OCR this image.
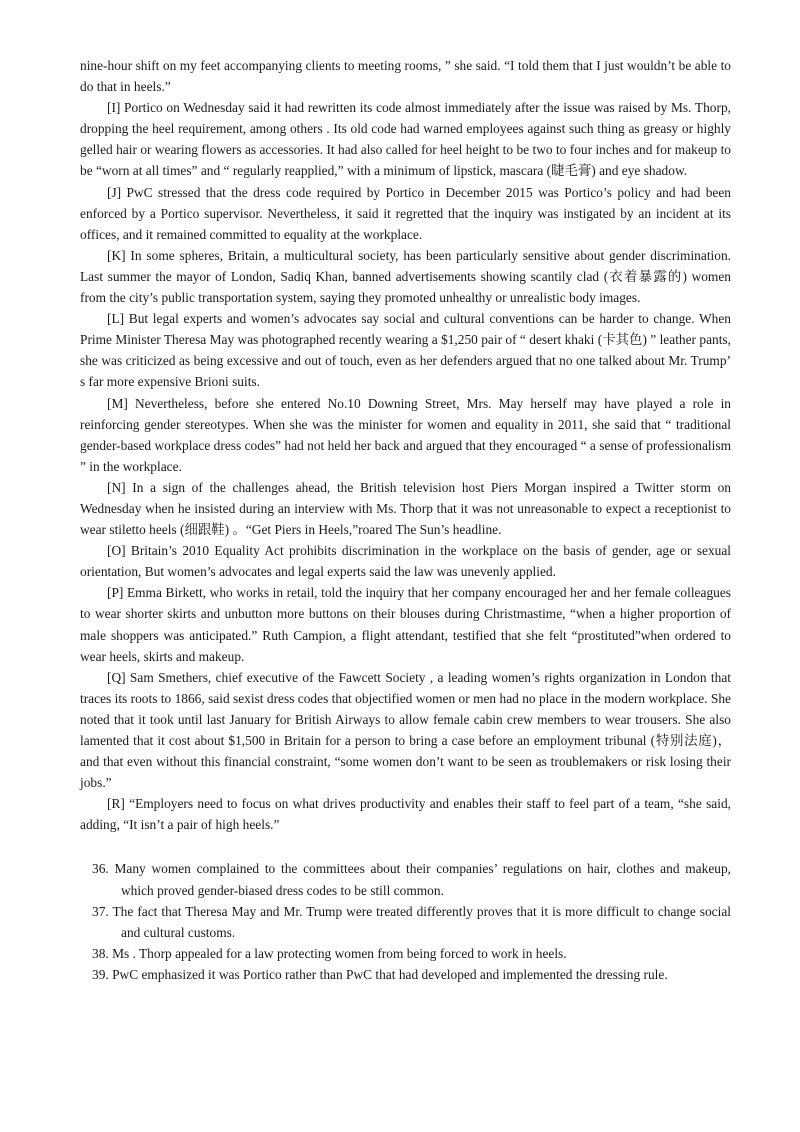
nine-hour shift on my feet accompanying clients to meeting rooms, ” she said. “I told them that I just wouldn’t be able to do that in heels.”

[I] Portico on Wednesday said it had rewritten its code almost immediately after the issue was raised by Ms. Thorp, dropping the heel requirement, among others . Its old code had warned employees against such thing as greasy or highly gelled hair or wearing flowers as accessories. It had also called for heel height to be two to four inches and for makeup to be “worn at all times” and “ regularly reapplied,” with a minimum of lipstick, mascara (睫毛膏) and eye shadow.

[J] PwC stressed that the dress code required by Portico in December 2015 was Portico’s policy and had been enforced by a Portico supervisor. Nevertheless, it said it regretted that the inquiry was instigated by an incident at its offices, and it remained committed to equality at the workplace.

[K] In some spheres, Britain, a multicultural society, has been particularly sensitive about gender discrimination. Last summer the mayor of London, Sadiq Khan, banned advertisements showing scantily clad (衣着暴露的) women from the city’s public transportation system, saying they promoted unhealthy or unrealistic body images.

[L] But legal experts and women’s advocates say social and cultural conventions can be harder to change. When Prime Minister Theresa May was photographed recently wearing a $1,250 pair of “ desert khaki (卡其色) ” leather pants, she was criticized as being excessive and out of touch, even as her defenders argued that no one talked about Mr. Trump’ s far more expensive Brioni suits.

[M] Nevertheless, before she entered No.10 Downing Street, Mrs. May herself may have played a role in reinforcing gender stereotypes. When she was the minister for women and equality in 2011, she said that “ traditional gender-based workplace dress codes” had not held her back and argued that they encouraged “ a sense of professionalism ” in the workplace.

[N] In a sign of the challenges ahead, the British television host Piers Morgan inspired a Twitter storm on Wednesday when he insisted during an interview with Ms. Thorp that it was not unreasonable to expect a receptionist to wear stiletto heels (细跟鞋) 。“Get Piers in Heels,”roared The Sun’s headline.

[O] Britain’s 2010 Equality Act prohibits discrimination in the workplace on the basis of gender, age or sexual orientation, But women’s advocates and legal experts said the law was unevenly applied.

[P] Emma Birkett, who works in retail, told the inquiry that her company encouraged her and her female colleagues to wear shorter skirts and unbutton more buttons on their blouses during Christmastime, “when a higher proportion of male shoppers was anticipated.” Ruth Campion, a flight attendant, testified that she felt “prostituted”when ordered to wear heels, skirts and makeup.

[Q] Sam Smethers, chief executive of the Fawcett Society , a leading women’s rights organization in London that traces its roots to 1866, said sexist dress codes that objectified women or men had no place in the modern workplace. She noted that it took until last January for British Airways to allow female cabin crew members to wear trousers. She also lamented that it cost about $1,500 in Britain for a person to bring a case before an employment tribunal (特别法庭)，and that even without this financial constraint, “some women don’t want to be seen as troublemakers or risk losing their jobs.”

[R] “Employers need to focus on what drives productivity and enables their staff to feel part of a team, “she said, adding, “It isn’t a pair of high heels.”

36. Many women complained to the committees about their companies’ regulations on hair, clothes and makeup, which proved gender-biased dress codes to be still common.

37. The fact that Theresa May and Mr. Trump were treated differently proves that it is more difficult to change social and cultural customs.

38. Ms . Thorp appealed for a law protecting women from being forced to work in heels.

39. PwC emphasized it was Portico rather than PwC that had developed and implemented the dressing rule.
